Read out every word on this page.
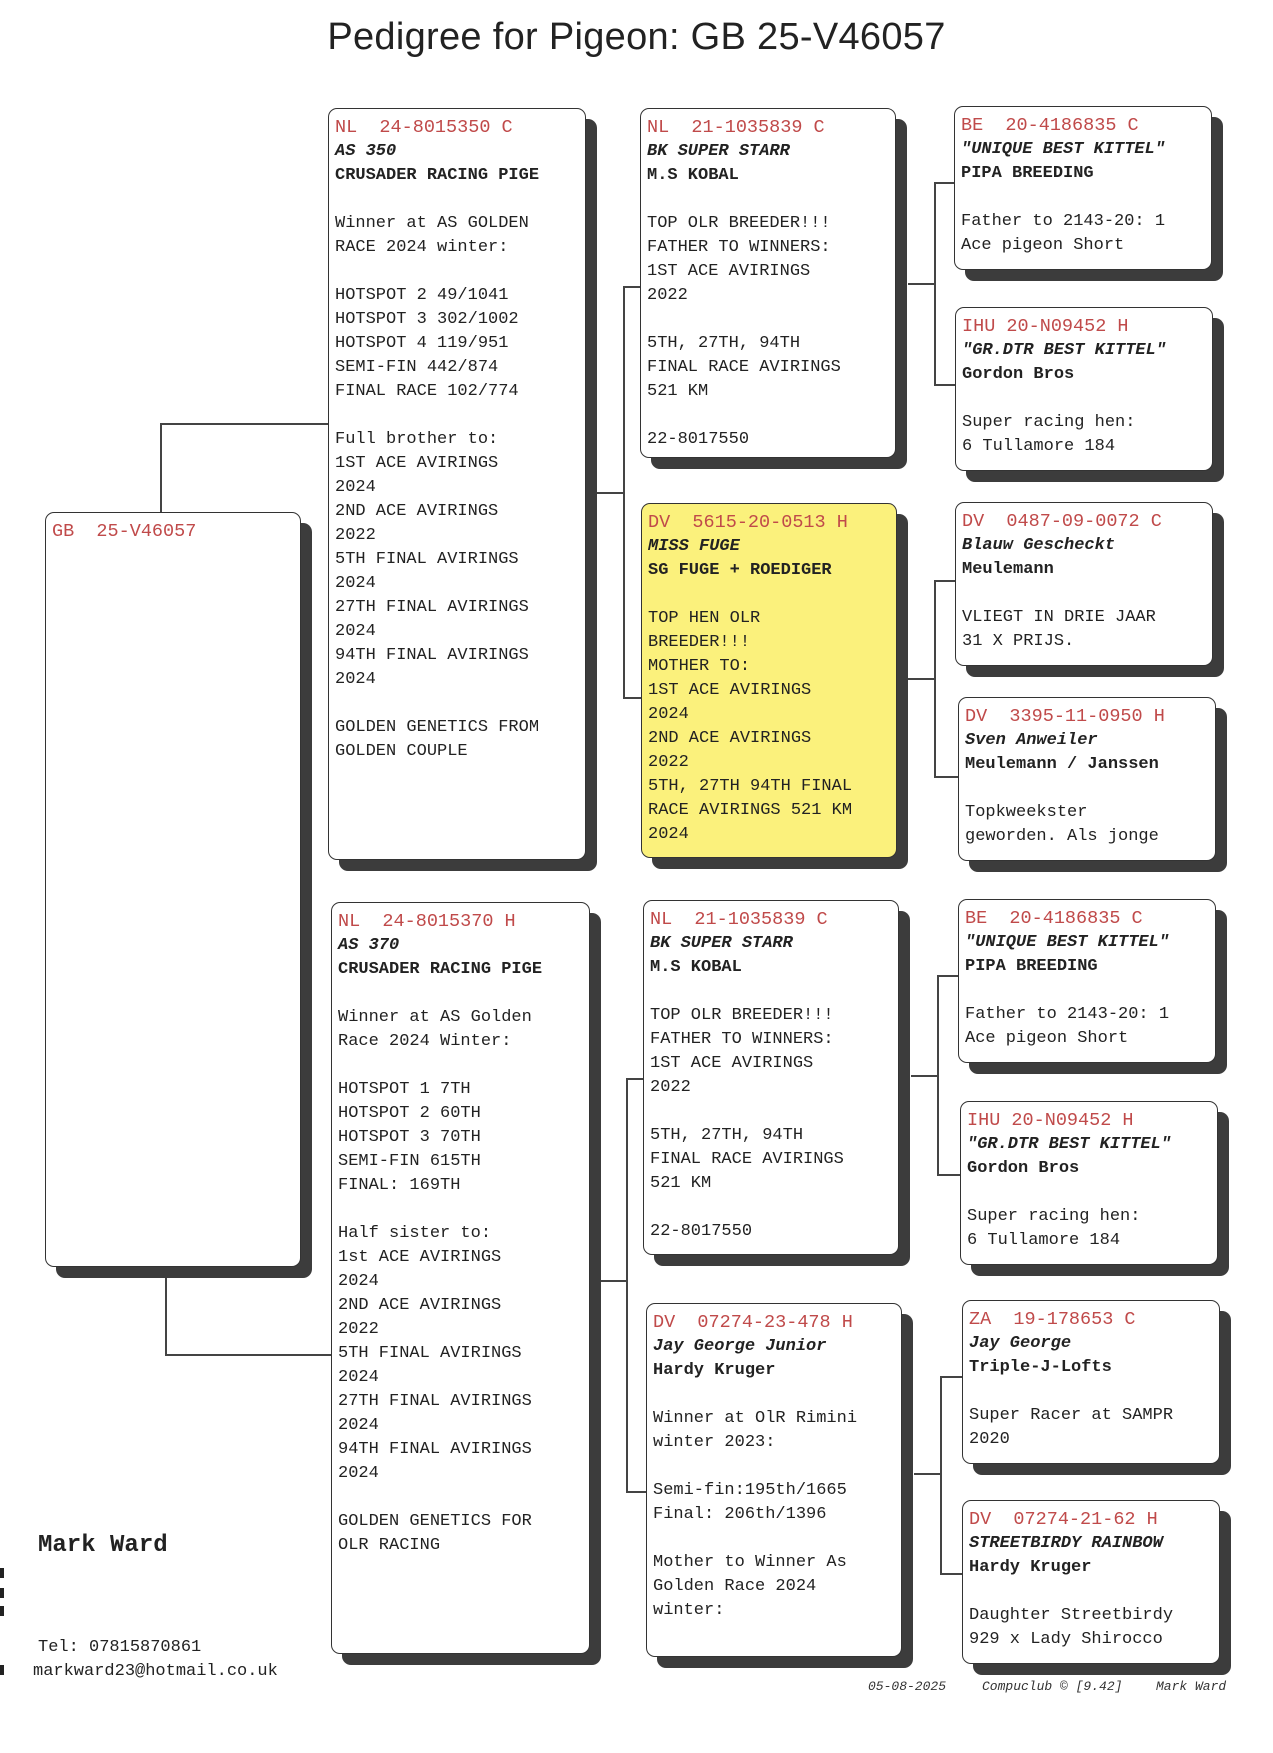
Pedigree for Pigeon: GB 25-V46057
GB  25-V46057
NL  24-8015350 C
AS 350
CRUSADER RACING PIGE
Winner at AS GOLDEN
RACE 2024 winter:

HOTSPOT 2 49/1041
HOTSPOT 3 302/1002
HOTSPOT 4 119/951
SEMI-FIN 442/874
FINAL RACE 102/774

Full brother to:
1ST ACE AVIRINGS
2024
2ND ACE AVIRINGS
2022
5TH FINAL AVIRINGS
2024
27TH FINAL AVIRINGS
2024
94TH FINAL AVIRINGS
2024

GOLDEN GENETICS FROM
GOLDEN COUPLE
NL  24-8015370 H
AS 370
CRUSADER RACING PIGE
Winner at AS Golden
Race 2024 Winter:

HOTSPOT 1 7TH
HOTSPOT 2 60TH
HOTSPOT 3 70TH
SEMI-FIN 615TH
FINAL: 169TH

Half sister to:
1st ACE AVIRINGS
2024
2ND ACE AVIRINGS
2022
5TH FINAL AVIRINGS
2024
27TH FINAL AVIRINGS
2024
94TH FINAL AVIRINGS
2024

GOLDEN GENETICS FOR
OLR RACING
NL  21-1035839 C
BK SUPER STARR
M.S KOBAL
TOP OLR BREEDER!!!
FATHER TO WINNERS:
1ST ACE AVIRINGS
2022

5TH, 27TH, 94TH
FINAL RACE AVIRINGS
521 KM

22-8017550
DV  5615-20-0513 H
MISS FUGE
SG FUGE + ROEDIGER
TOP HEN OLR
BREEDER!!!
MOTHER TO:
1ST ACE AVIRINGS
2024
2ND ACE AVIRINGS
2022
5TH, 27TH 94TH FINAL
RACE AVIRINGS 521 KM
2024
NL  21-1035839 C
BK SUPER STARR
M.S KOBAL
TOP OLR BREEDER!!!
FATHER TO WINNERS:
1ST ACE AVIRINGS
2022

5TH, 27TH, 94TH
FINAL RACE AVIRINGS
521 KM

22-8017550
DV  07274-23-478 H
Jay George Junior
Hardy Kruger
Winner at OlR Rimini
winter 2023:

Semi-fin:195th/1665
Final: 206th/1396

Mother to Winner As
Golden Race 2024
winter:
BE  20-4186835 C
"UNIQUE BEST KITTEL"
PIPA BREEDING
Father to 2143-20: 1
Ace pigeon Short
IHU 20-N09452 H
"GR.DTR BEST KITTEL"
Gordon Bros
Super racing hen:
6 Tullamore 184
DV  0487-09-0072 C
Blauw Gescheckt
Meulemann
VLIEGT IN DRIE JAAR
31 X PRIJS.
DV  3395-11-0950 H
Sven Anweiler
Meulemann / Janssen
Topkweekster
geworden. Als jonge
BE  20-4186835 C
"UNIQUE BEST KITTEL"
PIPA BREEDING
Father to 2143-20: 1
Ace pigeon Short
IHU 20-N09452 H
"GR.DTR BEST KITTEL"
Gordon Bros
Super racing hen:
6 Tullamore 184
ZA  19-178653 C
Jay George
Triple-J-Lofts
Super Racer at SAMPR
2020
DV  07274-21-62 H
STREETBIRDY RAINBOW
Hardy Kruger
Daughter Streetbirdy
929 x Lady Shirocco
Mark Ward
Tel: 07815870861
markward23@hotmail.co.uk
05-08-2025	Compuclub © [9.42]	Mark Ward
